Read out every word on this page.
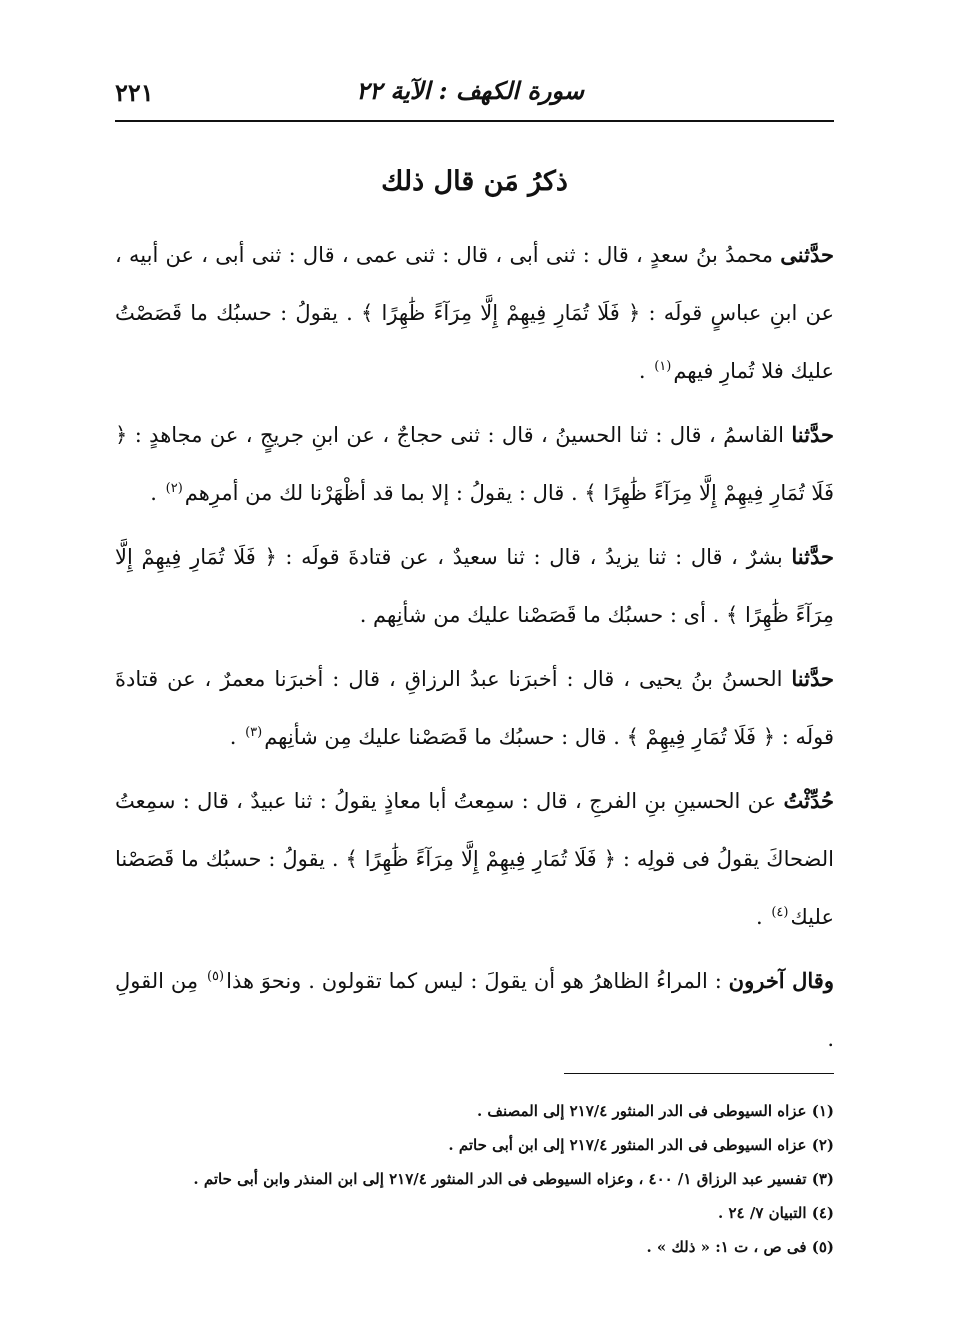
٢٢١	سورة الكهف : الآية ٢٢
ذكرُ مَن قال ذلك

حدَّثنى محمدُ بنُ سعدٍ ، قال : ثنى أبى ، قال : ثنى عمى ، قال : ثنى أبى ، عن أبيه ، عن ابنِ عباسٍ قولَه : ﴿ فَلَا تُمَارِ فِيهِمْ إِلَّا مِرَآءً ظَٰهِرًا ﴾ . يقولُ : حسبُك ما قَصَصْتُ عليك فلا تُمارِ فيهم$^{(١)}$ .

حدَّثنا القاسمُ ، قال : ثنا الحسينُ ، قال : ثنى حجاجٌ ، عن ابنِ جريجٍ ، عن مجاهدٍ : ﴿ فَلَا تُمَارِ فِيهِمْ إِلَّا مِرَآءً ظَٰهِرًا ﴾ . قال : يقولُ : إلا بما قد أظْهَرْنا لك من أمرِهم$^{(٢)}$ .

حدَّثنا بشرٌ ، قال : ثنا يزيدُ ، قال : ثنا سعيدٌ ، عن قتادةَ قولَه : ﴿ فَلَا تُمَارِ فِيهِمْ إِلَّا مِرَآءً ظَٰهِرًا ﴾ . أى : حسبُك ما قَصَصْنا عليك من شأنِهم .

حدَّثنا الحسنُ بنُ يحيى ، قال : أخبرَنا عبدُ الرزاقِ ، قال : أخبرَنا معمرٌ ، عن قتادةَ قولَه : ﴿ فَلَا تُمَارِ فِيهِمْ ﴾ . قال : حسبُك ما قَصَصْنا عليك مِن شأنِهم$^{(٣)}$ .

حُدِّثْتُ عن الحسينِ بنِ الفرجِ ، قال : سمِعتُ أبا معاذٍ يقولُ : ثنا عبيدٌ ، قال : سمِعتُ الضحاكَ يقولُ فى قولِه : ﴿ فَلَا تُمَارِ فِيهِمْ إِلَّا مِرَآءً ظَٰهِرًا ﴾ . يقولُ : حسبُك ما قَصَصْنا عليك$^{(٤)}$ .

وقال آخرون : المراءُ الظاهرُ هو أن يقولَ : ليس كما تقولون . ونحوَ هذا$^{(٥)}$ مِن القولِ .

(١) عزاه السيوطى فى الدر المنثور ٢١٧/٤ إلى المصنف .

(٢) عزاه السيوطى فى الدر المنثور ٢١٧/٤ إلى ابن أبى حاتم .

(٣) تفسير عبد الرزاق ١/ ٤٠٠ ، وعزاه السيوطى فى الدر المنثور ٢١٧/٤ إلى ابن المنذر وابن أبى حاتم .

(٤) التبيان ٧/ ٢٤ .

(٥) فى ص ، ت ١: « ذلك » .
